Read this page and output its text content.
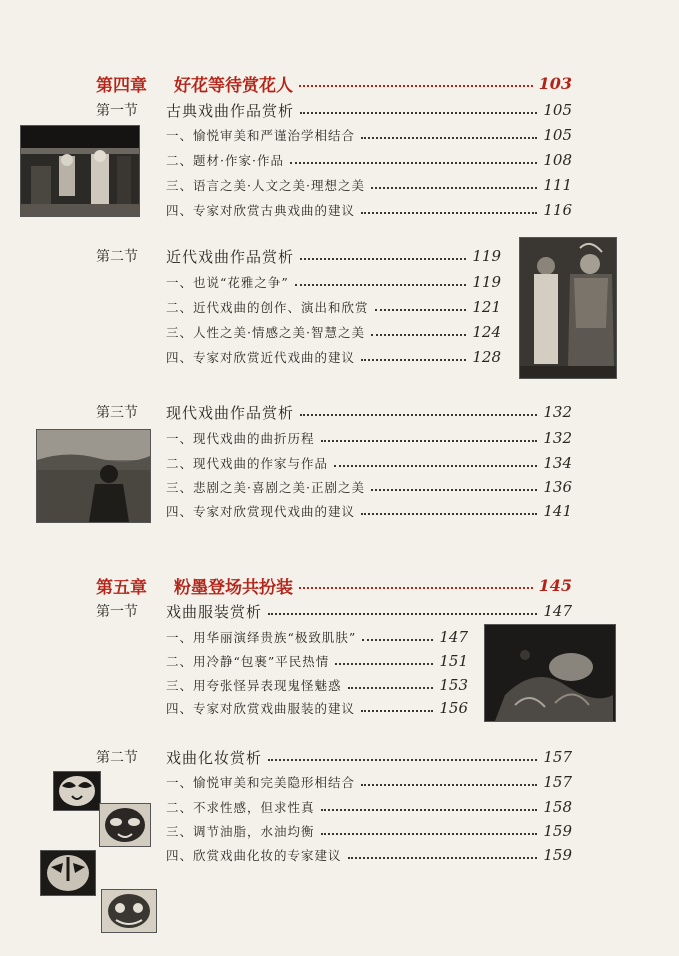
第四章	好花等待赏花人	103
第一节	古典戏曲作品赏析	105
一、愉悦审美和严谨治学相结合	105
二、题材·作家·作品	108
三、语言之美·人文之美·理想之美	111
四、专家对欣赏古典戏曲的建议	116
第二节	近代戏曲作品赏析	119
一、也说“花雅之争”	119
二、近代戏曲的创作、演出和欣赏	121
三、人性之美·情感之美·智慧之美	124
四、专家对欣赏近代戏曲的建议	128
第三节	现代戏曲作品赏析	132
一、现代戏曲的曲折历程	132
二、现代戏曲的作家与作品	134
三、悲剧之美·喜剧之美·正剧之美	136
四、专家对欣赏现代戏曲的建议	141
第五章	粉墨登场共扮装	145
第一节	戏曲服装赏析	147
一、用华丽演绎贵族“极致肌肤”	147
二、用冷静“包裹”平民热情	151
三、用夸张怪异表现鬼怪魅惑	153
四、专家对欣赏戏曲服装的建议	156
第二节	戏曲化妆赏析	157
一、愉悦审美和完美隐形相结合	157
二、不求性感，但求性真	158
三、调节油脂，水油均衡	159
四、欣赏戏曲化妆的专家建议	159
